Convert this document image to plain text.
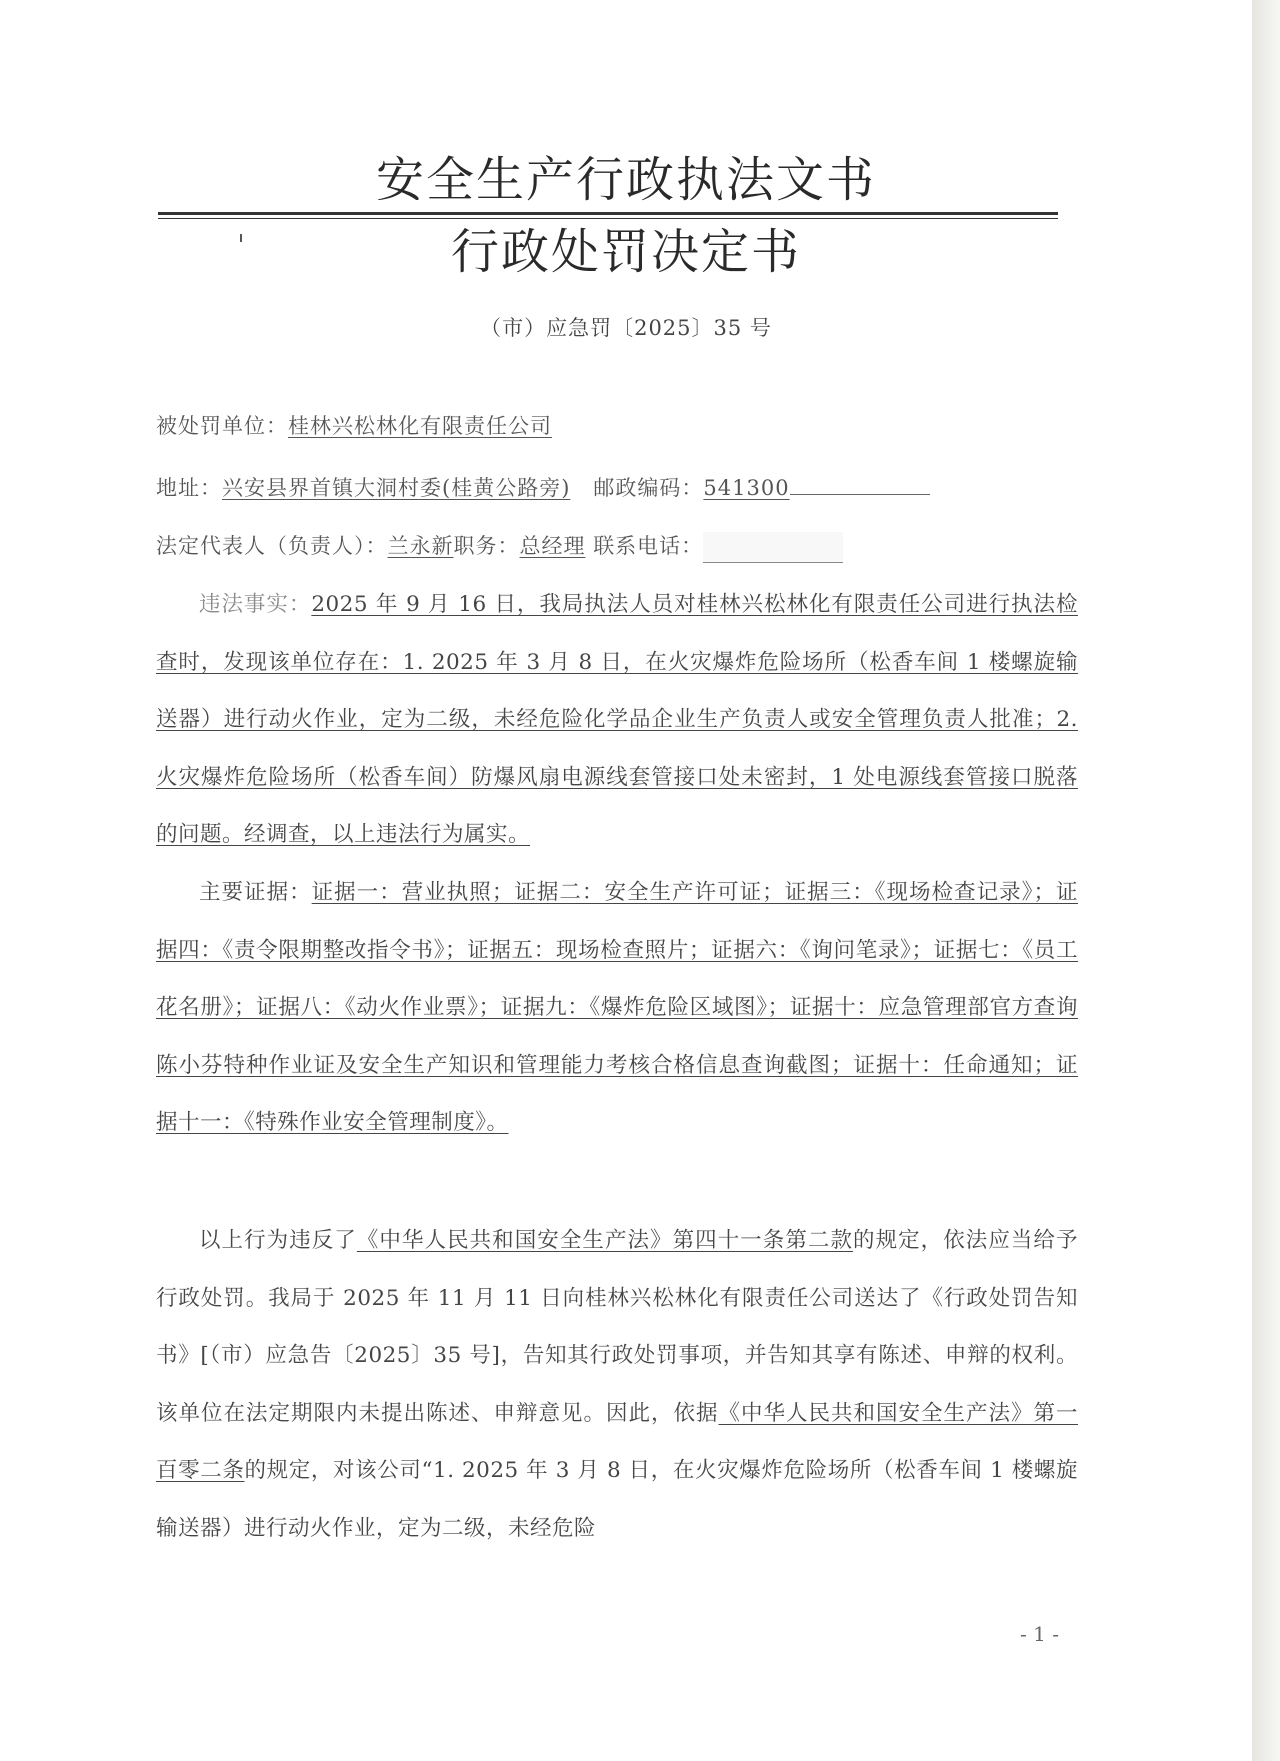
安全生产行政执法文书
行政处罚决定书
（市）应急罚〔2025〕35 号
被处罚单位：桂林兴松林化有限责任公司
地址：兴安县界首镇大洞村委(桂黄公路旁) 邮政编码：541300
法定代表人（负责人）：兰永新职务：总经理 联系电话：
违法事实：2025 年 9 月 16 日，我局执法人员对桂林兴松林化有限责任公司进行执法检查时，发现该单位存在：1. 2025 年 3 月 8 日，在火灾爆炸危险场所（松香车间 1 楼螺旋输送器）进行动火作业，定为二级，未经危险化学品企业生产负责人或安全管理负责人批准；2. 火灾爆炸危险场所（松香车间）防爆风扇电源线套管接口处未密封，1 处电源线套管接口脱落的问题。经调查，以上违法行为属实。
主要证据：证据一：营业执照；证据二：安全生产许可证；证据三：《现场检查记录》；证据四：《责令限期整改指令书》；证据五：现场检查照片；证据六：《询问笔录》；证据七：《员工花名册》；证据八：《动火作业票》；证据九：《爆炸危险区域图》；证据十：应急管理部官方查询陈小芬特种作业证及安全生产知识和管理能力考核合格信息查询截图；证据十：任命通知；证据十一：《特殊作业安全管理制度》。
以上行为违反了《中华人民共和国安全生产法》第四十一条第二款的规定，依法应当给予行政处罚。我局于 2025 年 11 月 11 日向桂林兴松林化有限责任公司送达了《行政处罚告知书》[（市）应急告〔2025〕35 号]，告知其行政处罚事项，并告知其享有陈述、申辩的权利。该单位在法定期限内未提出陈述、申辩意见。因此，依据《中华人民共和国安全生产法》第一百零二条的规定，对该公司“1. 2025 年 3 月 8 日，在火灾爆炸危险场所（松香车间 1 楼螺旋输送器）进行动火作业，定为二级，未经危险
- 1 -
